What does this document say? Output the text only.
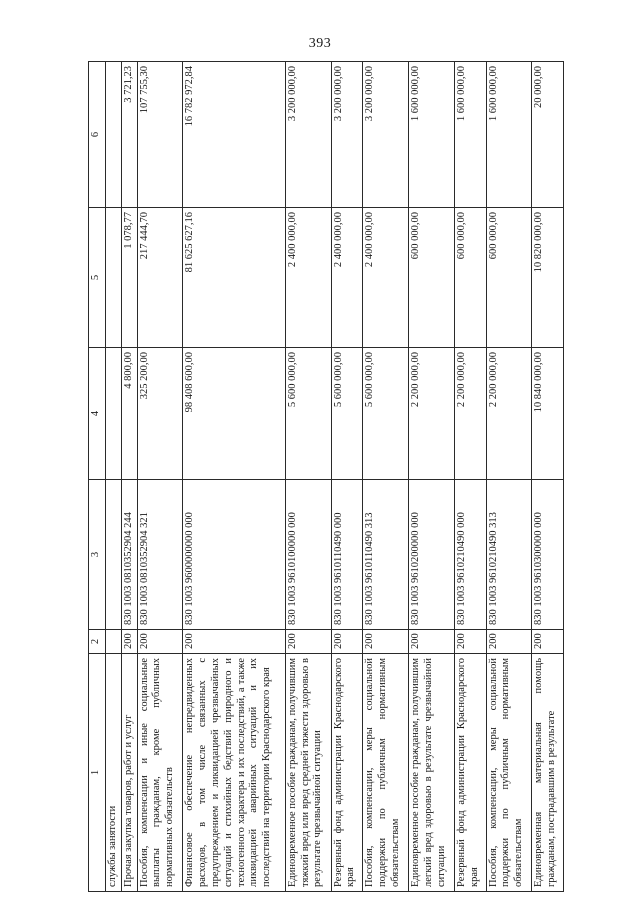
393
1	2	3	4	5	6
службы занятости					
Прочая закупка товаров, работ и услуг	200	830 1003 0810352904 244	4 800,00	1 078,77	3 721,23
Пособия, компенсации и иные социальные выплаты гражданам, кроме публичных нормативных обязательств	200	830 1003 0810352904 321	325 200,00	217 444,70	107 755,30
Финансовое обеспечение непредвиденных расходов, в том числе связанных с предупреждением и ликвидацией чрезвычайных ситуаций и стихийных бедствий природного и техногенного характера и их последствий, а также ликвидацией аварийных ситуаций и их последствий на территории Краснодарского края	200	830 1003 9600000000 000	98 408 600,00	81 625 627,16	16 782 972,84
Единовременное пособие гражданам, получившим тяжкий вред или вред средней тяжести здоровью в результате чрезвычайной ситуации	200	830 1003 9610100000 000	5 600 000,00	2 400 000,00	3 200 000,00
Резервный фонд администрации Краснодарского края	200	830 1003 9610110490 000	5 600 000,00	2 400 000,00	3 200 000,00
Пособия, компенсации, меры социальной поддержки по публичным нормативным обязательствам	200	830 1003 9610110490 313	5 600 000,00	2 400 000,00	3 200 000,00
Единовременное пособие гражданам, получившим легкий вред здоровью в результате чрезвычайной ситуации	200	830 1003 9610200000 000	2 200 000,00	600 000,00	1 600 000,00
Резервный фонд администрации Краснодарского края	200	830 1003 9610210490 000	2 200 000,00	600 000,00	1 600 000,00
Пособия, компенсации, меры социальной поддержки по публичным нормативным обязательствам	200	830 1003 9610210490 313	2 200 000,00	600 000,00	1 600 000,00
Единовременная материальная помощь гражданам, пострадавшим в результате	200	830 1003 9610300000 000	10 840 000,00	10 820 000,00	20 000,00
